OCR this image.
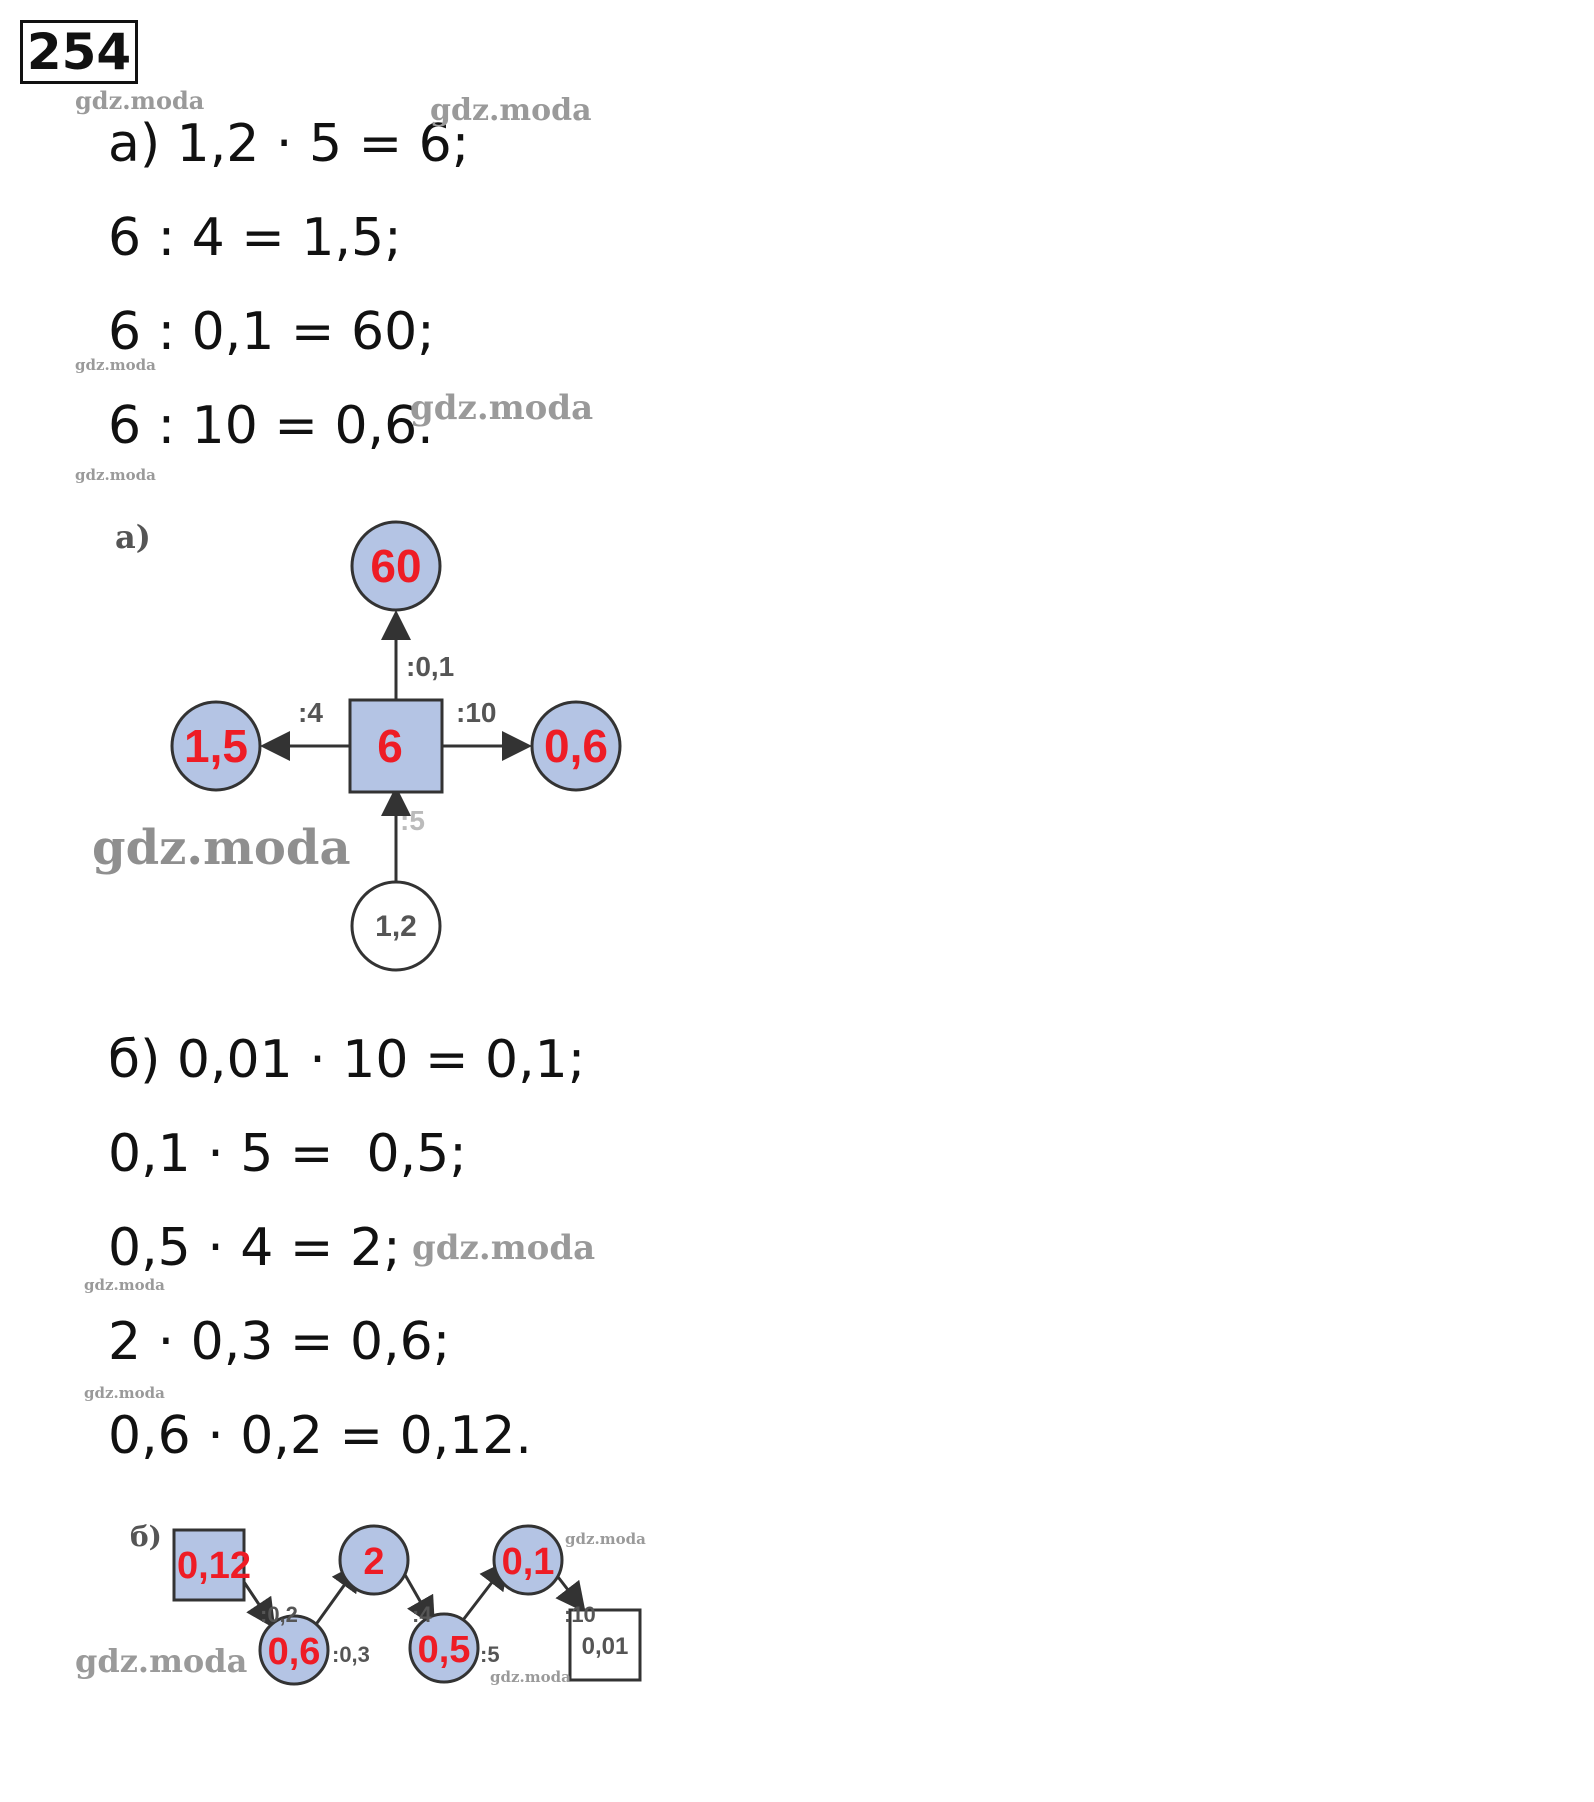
254
а) 1,2 · 5 = 6;
6 : 4 = 1,5;
6 : 0,1 = 60;
6 : 10 = 0,6.
а)
60
1,5	0,6
6
1,2
:0,1
:4	:10
:5
б) 0,01 · 10 = 0,1;
0,1 · 5 =  0,5;
0,5 · 4 = 2;
2 · 0,3 = 0,6;
0,6 · 0,2 = 0,12.
б)
0,12
0,6
2
0,5
0,1
0,01
:0,2
:0,3
:4
:5
:10
gdz.moda	gdz.moda
gdz.moda
gdz.moda
gdz.moda
gdz.moda
gdz.moda
gdz.moda
gdz.moda
gdz.moda
gdz.moda	gdz.moda
